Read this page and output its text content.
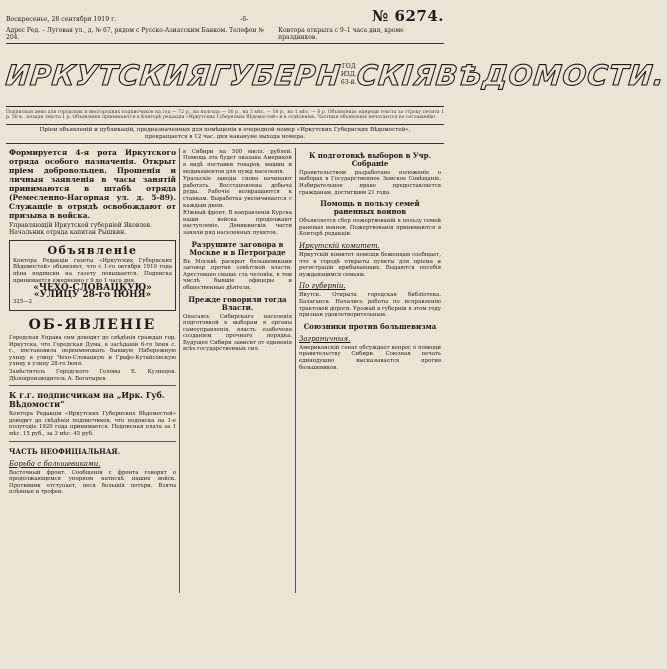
Воскресенье, 28 сентября 1919 г.	-6-	№ 6274.
Адрес Ред. – Луговая ул., д. № 67, рядом с Русско-Азиатским Банком. Телефон № 204.
Контора открыта с 9–1 часа дня, кроме праздников.
ИРКУТСКИЯ
ГУБЕРН ГОД ИЗД.
63-й.
СКІЯ
ВѢДОМОСТИ.
Подписная цена для городских и иногородних подписчиков на год — 72 р., на полгода — 36 р., на 3 мѣс. — 18 р., на 1 мѣс. — 6 р. Объявленія: впереди текста за строку петита 1 р. 50 к., позади текста 1 р. Объявленія принимаются в Конторѣ редакціи «Иркутских Губернских Вѣдомостей» и в отдѣленіях. Частныя объявленія печатаются по соглашенію.
Пріем объявленій и публикацій, предназначенных для помѣщенія в очередной номер «Иркутских Губернских Вѣдомостей», прекращается в 12 час. дня накануне выхода номера.

Формируется 4-я рота Иркутского отряда особого назначенія. Открыт пріем добровольцев. Прошенія и личныя заявленія в часы занятій принимаются в штабѣ отряда (Ремесленно-Нагорная ул. д. 5-89). Служащіе в отрядѣ освобождают от призыва в войска.

Управляющій Иркутской губерніей Яковлев. Начальник отряда капитан Рышкин.
Объявленіе

Контора Редакціи газеты «Иркутских Губернских Вѣдомостей» объявляет, что с 1-го октября 1919 года цѣна подписки на газету повышается. Подписка принимается ежедневно с 9 до 1 часа дня.

«ЧЕХО-СЛОВАЦКУЮ» «УЛИЦУ 28-го ІЮНЯ»

325—2

ОБ-ЯВЛЕНІЕ

Городская Управа сим доводит до свѣдѣнія граждан гор. Иркутска, что Городская Дума, в засѣданіи 6-го Іюня с. г., постановила переименовать бывшую Набережную улицу в улицу Чехо-Словацкую и Графо-Кутайсовскую улицу в улицу 28-го Іюня.

Замѣститель Городского Головы Е. Кузнецов. Дѣлопроизводитель А. Богатырев.

К г.г. подписчикам на „Ирк. Губ. Вѣдомости“

Контора Редакціи «Иркутских Губернских Вѣдомостей» доводит до свѣдѣнія подписчиков, что подписка на 1-е полугодіе 1920 года принимается. Подписная плата за 1 мѣс. 15 руб., за 3 мѣс. 45 руб.

ЧАСТЬ НЕОФИЦІАЛЬНАЯ.
Борьба с большевиками.

Восточный фронт. Сообщенія с фронта говорят о продолжающемся упорном натискѣ наших войск. Противник отступает, неся большія потери. Взяты плѣнные и трофеи.

в Сибири на 500 милл. рублей. Помощь эта будет оказана Америкой в видѣ поставки товаров, машин и медикаментов для нужд населенія.

Уральскіе заводы снова начинают работать. Восстановлена добыча руды. Рабочіе возвращаются к станкам. Выработка увеличивается с каждым днем.

Южный фронт. В направленіи Курска наши войска продолжают наступленіе. Деникинскія части заняли ряд населенных пунктов.

Разрушите заговора в Москве и в Петрограде

Въ Москвѣ раскрыт большевиками заговор против совѣтской власти. Арестовано свыше ста человѣк, в том числѣ бывшіе офицеры и общественные дѣятели.

Прежде говорили тогда Власти.

Опасаясь Сибирскаго населенія подготовкой к выборам в органы самоуправленія, власть озабочена созданіем прочнаго порядка. Будущее Сибири зависит от единенія всѣх государственных сил.

К подготовкѣ выборов в Учр. Собраніе

Правительством разработано положеніе о выборах в Государственное Земское Совѣщаніе. Избирательное право предоставляется гражданам, достигшим 21 года.

Помощь в пользу семей раненных воинов

Объявляется сбор пожертвованій в пользу семей раненых воинов. Пожертвованія принимаются в Конторѣ редакціи.

Иркутскій комитет.

Иркутскій комитет помощи беженцам сообщает, что в городѣ открыты пункты для пріема и регистраціи прибывающих. Выдаются пособія нуждающимся семьям.

По губерніи.

Якутск. Открыта городская библіотека. Балаганск. Начались работы по исправленію трактовой дороги. Урожай в губерніи в этом году признан удовлетворительным.

Союзники против большевизма
Заграничныя.

Американскій сенат обсуждает вопрос о помощи правительству Сибири. Союзная печать единодушно высказывается против большевиков.
